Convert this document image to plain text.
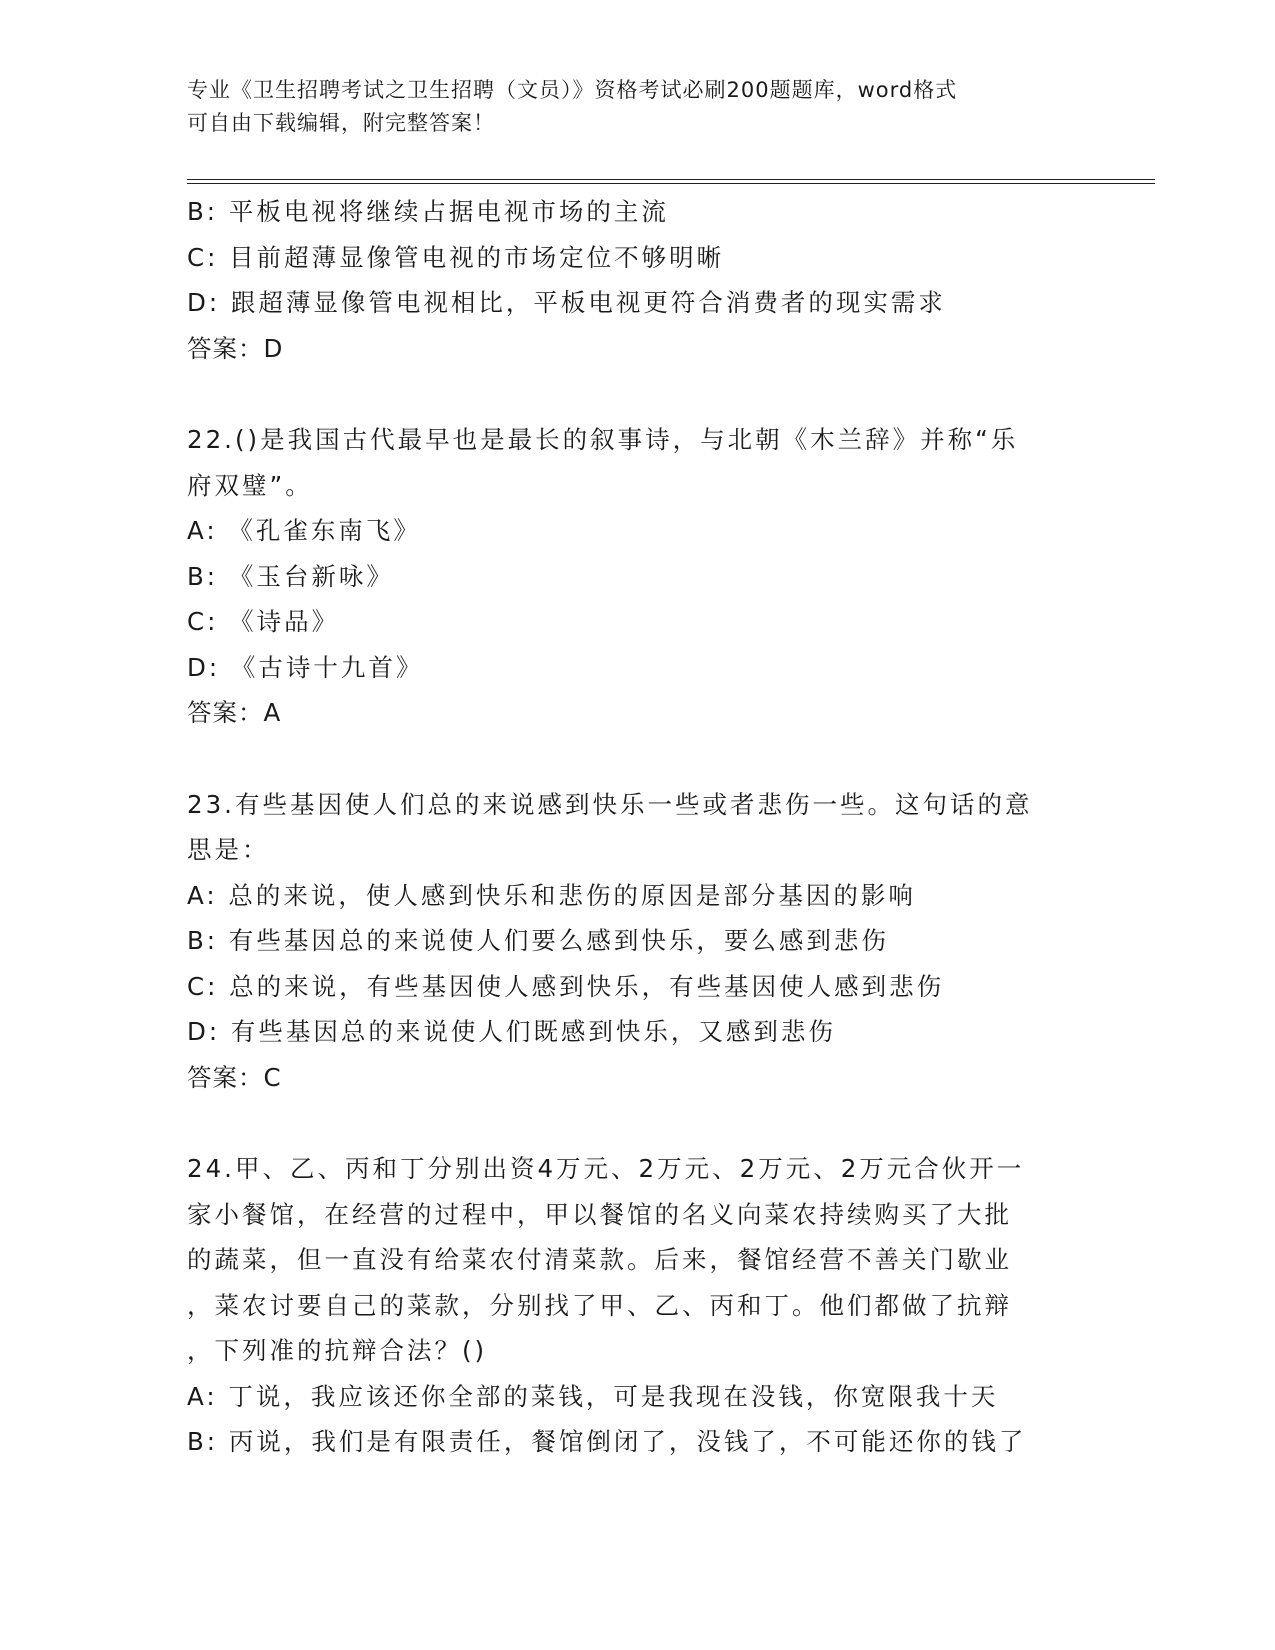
专业《卫生招聘考试之卫生招聘（文员）》资格考试必刷200题题库，word格式
可自由下载编辑，附完整答案！
B: 平板电视将继续占据电视市场的主流
C: 目前超薄显像管电视的市场定位不够明晰
D: 跟超薄显像管电视相比，平板电视更符合消费者的现实需求
答案：D
22.()是我国古代最早也是最长的叙事诗，与北朝《木兰辞》并称“乐
府双璧”。
A: 《孔雀东南飞》
B: 《玉台新咏》
C: 《诗品》
D: 《古诗十九首》
答案：A
23.有些基因使人们总的来说感到快乐一些或者悲伤一些。这句话的意
思是：
A: 总的来说，使人感到快乐和悲伤的原因是部分基因的影响
B: 有些基因总的来说使人们要么感到快乐，要么感到悲伤
C: 总的来说，有些基因使人感到快乐，有些基因使人感到悲伤
D: 有些基因总的来说使人们既感到快乐，又感到悲伤
答案：C
24.甲、乙、丙和丁分别出资4万元、2万元、2万元、2万元合伙开一
家小餐馆，在经营的过程中，甲以餐馆的名义向菜农持续购买了大批
的蔬菜，但一直没有给菜农付清菜款。后来，餐馆经营不善关门歇业
，菜农讨要自己的菜款，分别找了甲、乙、丙和丁。他们都做了抗辩
，下列准的抗辩合法？()
A: 丁说，我应该还你全部的菜钱，可是我现在没钱，你宽限我十天
B: 丙说，我们是有限责任，餐馆倒闭了，没钱了，不可能还你的钱了
